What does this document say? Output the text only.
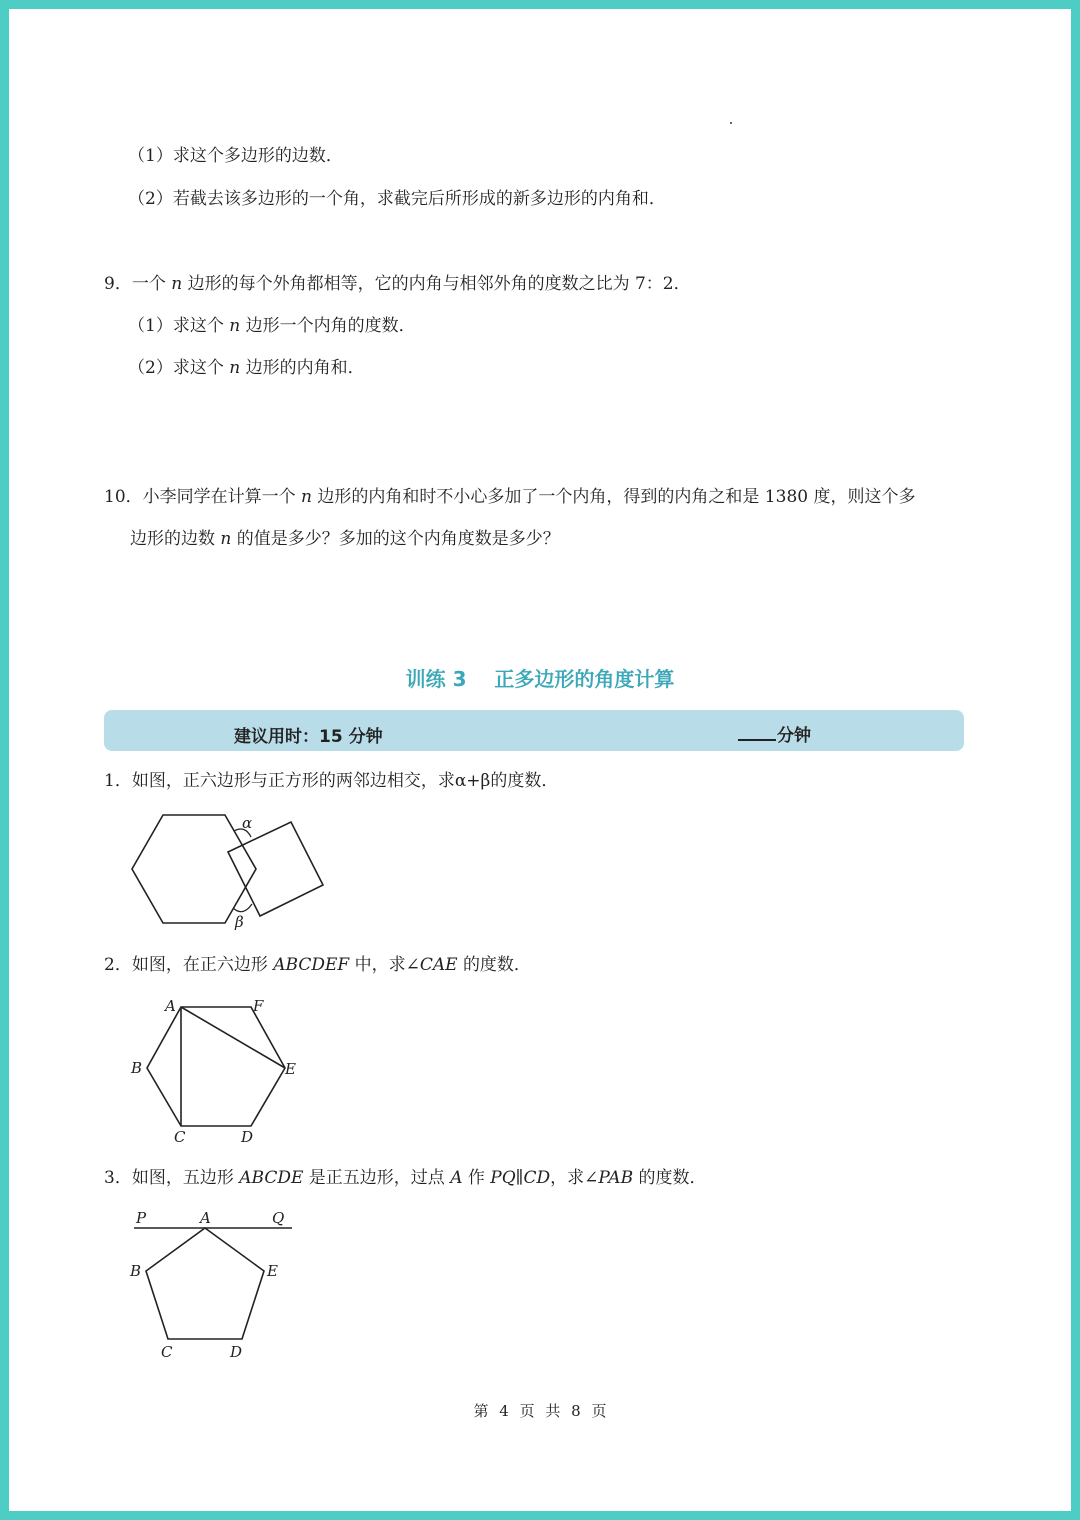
（1）求这个多边形的边数．
（2）若截去该多边形的一个角，求截完后所形成的新多边形的内角和．
9．一个 n 边形的每个外角都相等，它的内角与相邻外角的度数之比为 7：2．
（1）求这个 n 边形一个内角的度数．
（2）求这个 n 边形的内角和．
10．小李同学在计算一个 n 边形的内角和时不小心多加了一个内角，得到的内角之和是 1380 度，则这个多
边形的边数 n 的值是多少？多加的这个内角度数是多少？
训练 3    正多边形的角度计算
建议用时：15 分钟	分钟
1．如图，正六边形与正方形的两邻边相交，求α+β的度数．
α
β
2．如图，在正六边形 ABCDEF 中，求∠CAE 的度数．
A	F
B	E
C	D
3．如图，五边形 ABCDE 是正五边形，过点 A 作 PQ∥CD，求∠PAB 的度数．
P	A	Q
B	E
C	D
第 4 页 共 8 页
